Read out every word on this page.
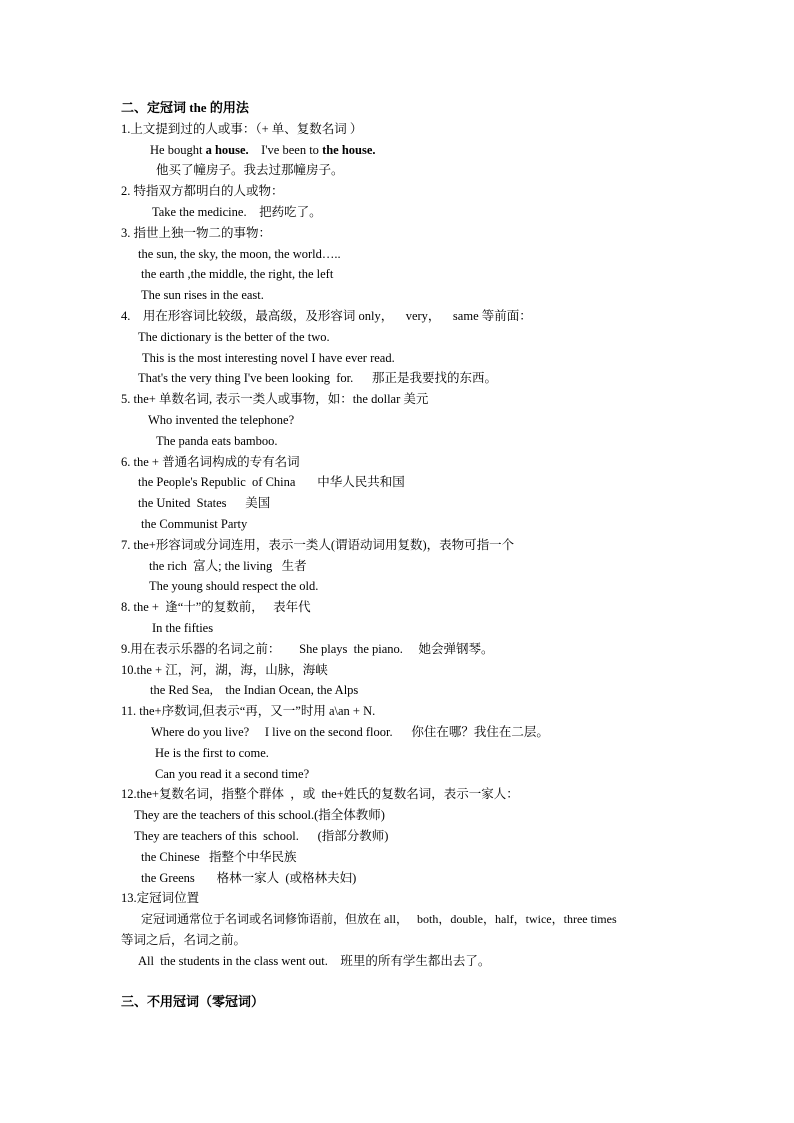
二、定冠词 the 的用法
1.上文提到过的人或事：（+ 单、复数名词 ）
He bought a house.    I've been to the house.
他买了幢房子。我去过那幢房子。
2. 特指双方都明白的人或物：
Take the medicine.    把药吃了。
3. 指世上独一物二的事物：
the sun, the sky, the moon, the world…..
the earth ,the middle, the right, the left
The sun rises in the east.
4.    用在形容词比较级，最高级，及形容词 only，    very，    same 等前面：
The dictionary is the better of the two.
This is the most interesting novel I have ever read.
That's the very thing I've been looking  for.      那正是我要找的东西。
5. the+ 单数名词, 表示一类人或事物，如：the dollar 美元
Who invented the telephone?
The panda eats bamboo.
6. the + 普通名词构成的专有名词
the People's Republic  of China       中华人民共和国
the United  States      美国
the Communist Party
7. the+形容词或分词连用，表示一类人(谓语动词用复数)，表物可指一个
the rich  富人; the living   生者
The young should respect the old.
8. the +  逢“十”的复数前，   表年代
In the fifties
9.用在表示乐器的名词之前：      She plays  the piano.     她会弹钢琴。
10.the + 江，河，湖，海，山脉，海峡
the Red Sea,    the Indian Ocean, the Alps
11. the+序数词,但表示“再，又一”时用 a\an + N.
Where do you live?     I live on the second floor.      你住在哪？我住在二层。
He is the first to come.
Can you read it a second time?
12.the+复数名词，指整个群体  ，或  the+姓氏的复数名词，表示一家人：
They are the teachers of this school.(指全体教师)
They are teachers of this  school.      (指部分教师)
the Chinese   指整个中华民族
the Greens       格林一家人  (或格林夫妇)
13.定冠词位置
定冠词通常位于名词或名词修饰语前，但放在 all，   both，double，half，twice，three times
等词之后，名词之前。
All  the students in the class went out.    班里的所有学生都出去了。
三、不用冠词（零冠词）
